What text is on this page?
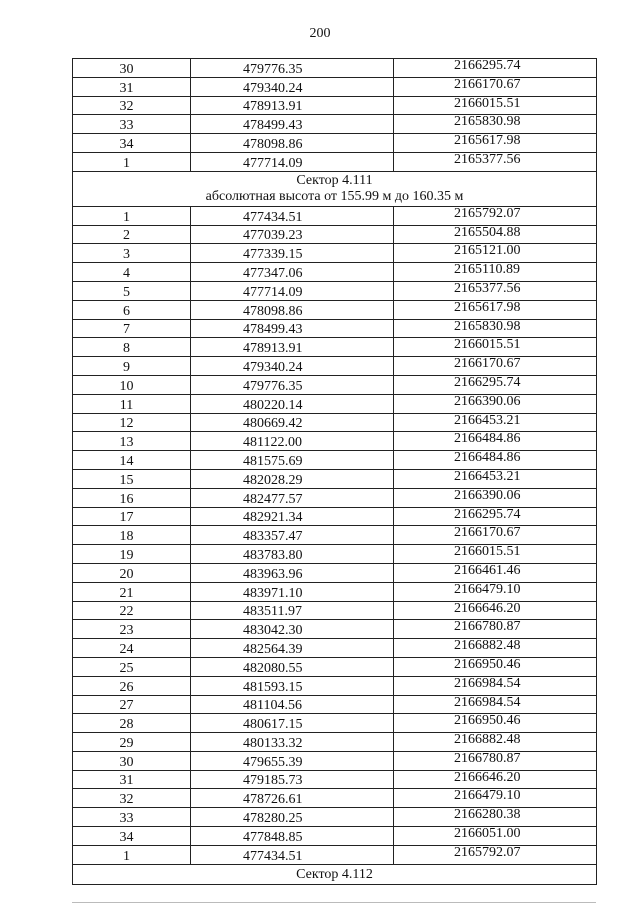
200
30	479776.35	2166295.74
31	479340.24	2166170.67
32	478913.91	2166015.51
33	478499.43	2165830.98
34	478098.86	2165617.98
1	477714.09	2165377.56

Сектор 4.111
абсолютная высота от 155.99 м до 160.35 м		

1	477434.51	2165792.07
2	477039.23	2165504.88
3	477339.15	2165121.00
4	477347.06	2165110.89
5	477714.09	2165377.56
6	478098.86	2165617.98
7	478499.43	2165830.98
8	478913.91	2166015.51
9	479340.24	2166170.67
10	479776.35	2166295.74
11	480220.14	2166390.06
12	480669.42	2166453.21
13	481122.00	2166484.86
14	481575.69	2166484.86
15	482028.29	2166453.21
16	482477.57	2166390.06
17	482921.34	2166295.74
18	483357.47	2166170.67
19	483783.80	2166015.51
20	483963.96	2166461.46
21	483971.10	2166479.10
22	483511.97	2166646.20
23	483042.30	2166780.87
24	482564.39	2166882.48
25	482080.55	2166950.46
26	481593.15	2166984.54
27	481104.56	2166984.54
28	480617.15	2166950.46
29	480133.32	2166882.48
30	479655.39	2166780.87
31	479185.73	2166646.20
32	478726.61	2166479.10
33	478280.25	2166280.38
34	477848.85	2166051.00
1	477434.51	2165792.07

Сектор 4.112		
